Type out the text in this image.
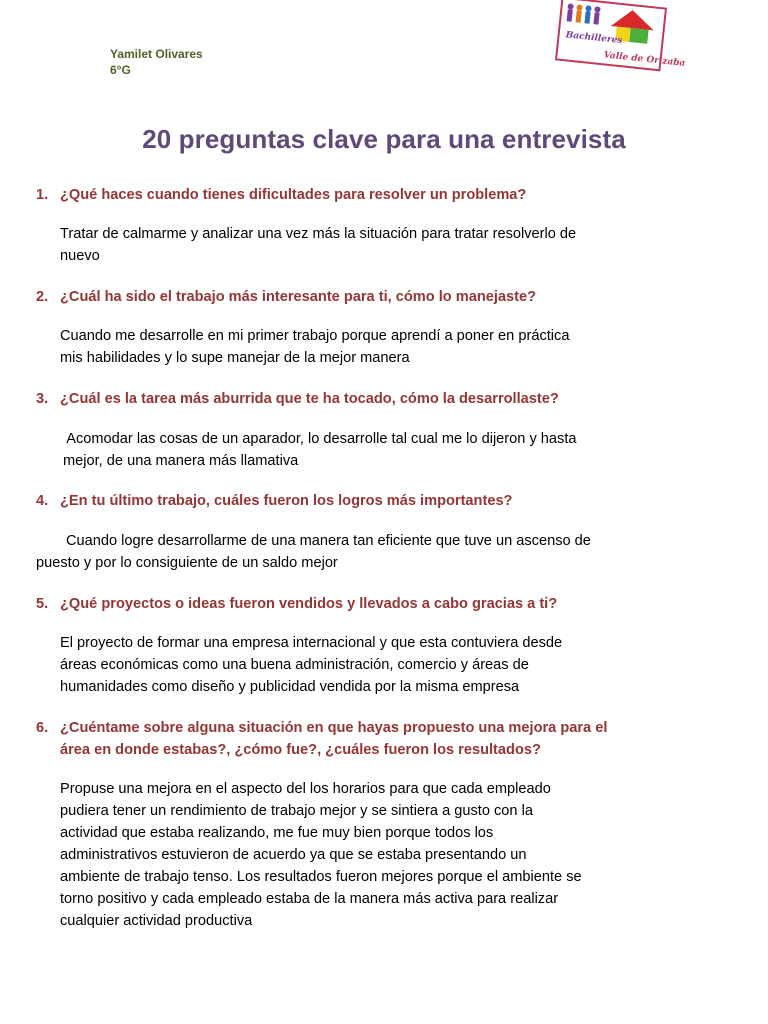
Yamilet Olivares
6°G
Bachilleres
Valle de Orizaba
20 preguntas clave para una entrevista
1. ¿Qué haces cuando tienes dificultades para resolver un problema?
Tratar de calmarme y analizar una vez más la situación para tratar resolverlo de
nuevo
2. ¿Cuál ha sido el trabajo más interesante para ti, cómo lo manejaste?
Cuando me desarrolle en mi primer trabajo porque aprendí a poner en práctica
mis habilidades y lo supe manejar de la mejor manera
3. ¿Cuál es la tarea más aburrida que te ha tocado, cómo la desarrollaste?
Acomodar las cosas de un aparador, lo desarrolle tal cual me lo dijeron y hasta
mejor, de una manera más llamativa
4. ¿En tu último trabajo, cuáles fueron los logros más importantes?
Cuando logre desarrollarme de una manera tan eficiente que tuve un ascenso de
puesto y por lo consiguiente de un saldo mejor
5. ¿Qué proyectos o ideas fueron vendidos y llevados a cabo gracias a ti?
El proyecto de formar una empresa internacional y que esta contuviera desde
áreas económicas como una buena administración, comercio y áreas de
humanidades como diseño y publicidad vendida por la misma empresa
6. ¿Cuéntame sobre alguna situación en que hayas propuesto una mejora para el
área en donde estabas?, ¿cómo fue?, ¿cuáles fueron los resultados?
Propuse una mejora en el aspecto del los horarios para que cada empleado
pudiera tener un rendimiento de trabajo mejor y se sintiera a gusto con la
actividad que estaba realizando, me fue muy bien porque todos los
administrativos estuvieron de acuerdo ya que se estaba presentando un
ambiente de trabajo tenso. Los resultados fueron mejores porque el ambiente se
torno positivo y cada empleado estaba de la manera más activa para realizar
cualquier actividad productiva
